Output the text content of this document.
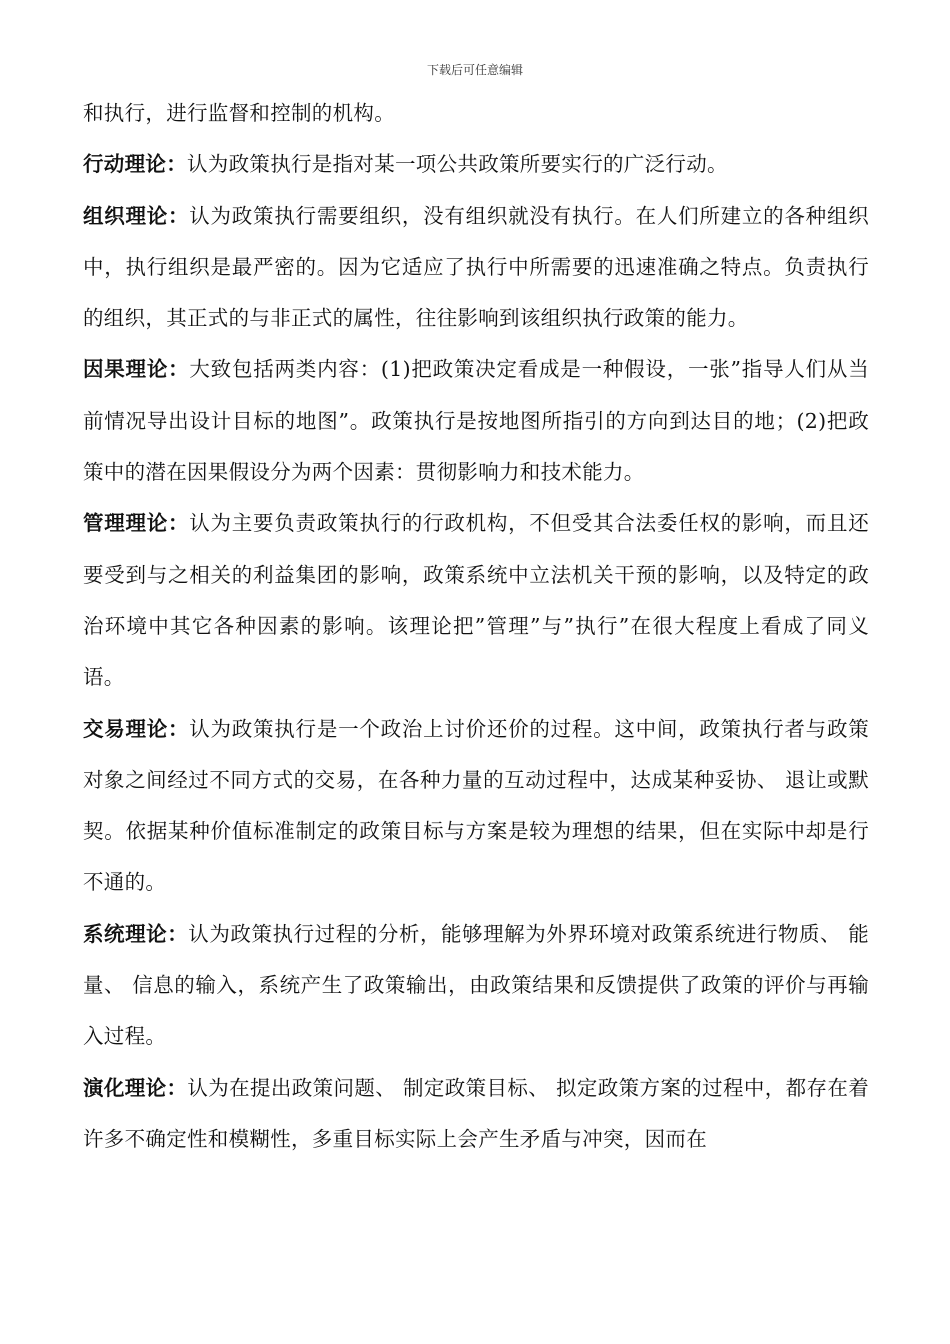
下载后可任意编辑

和执行，进行监督和控制的机构。

行动理论：认为政策执行是指对某一项公共政策所要实行的广泛行动。

组织理论：认为政策执行需要组织，没有组织就没有执行。在人们所建立的各种组织中，执行组织是最严密的。因为它适应了执行中所需要的迅速准确之特点。负责执行的组织，其正式的与非正式的属性，往往影响到该组织执行政策的能力。

因果理论：大致包括两类内容：(1)把政策决定看成是一种假设，一张”指导人们从当前情况导出设计目标的地图”。政策执行是按地图所指引的方向到达目的地；(2)把政策中的潜在因果假设分为两个因素：贯彻影响力和技术能力。

管理理论：认为主要负责政策执行的行政机构，不但受其合法委任权的影响，而且还要受到与之相关的利益集团的影响，政策系统中立法机关干预的影响，以及特定的政治环境中其它各种因素的影响。该理论把”管理”与”执行”在很大程度上看成了同义语。

交易理论：认为政策执行是一个政治上讨价还价的过程。这中间，政策执行者与政策对象之间经过不同方式的交易，在各种力量的互动过程中，达成某种妥协、 退让或默契。依据某种价值标准制定的政策目标与方案是较为理想的结果，但在实际中却是行不通的。

系统理论：认为政策执行过程的分析，能够理解为外界环境对政策系统进行物质、 能量、 信息的输入，系统产生了政策输出，由政策结果和反馈提供了政策的评价与再输入过程。

演化理论：认为在提出政策问题、 制定政策目标、 拟定政策方案的过程中，都存在着许多不确定性和模糊性，多重目标实际上会产生矛盾与冲突，因而在
